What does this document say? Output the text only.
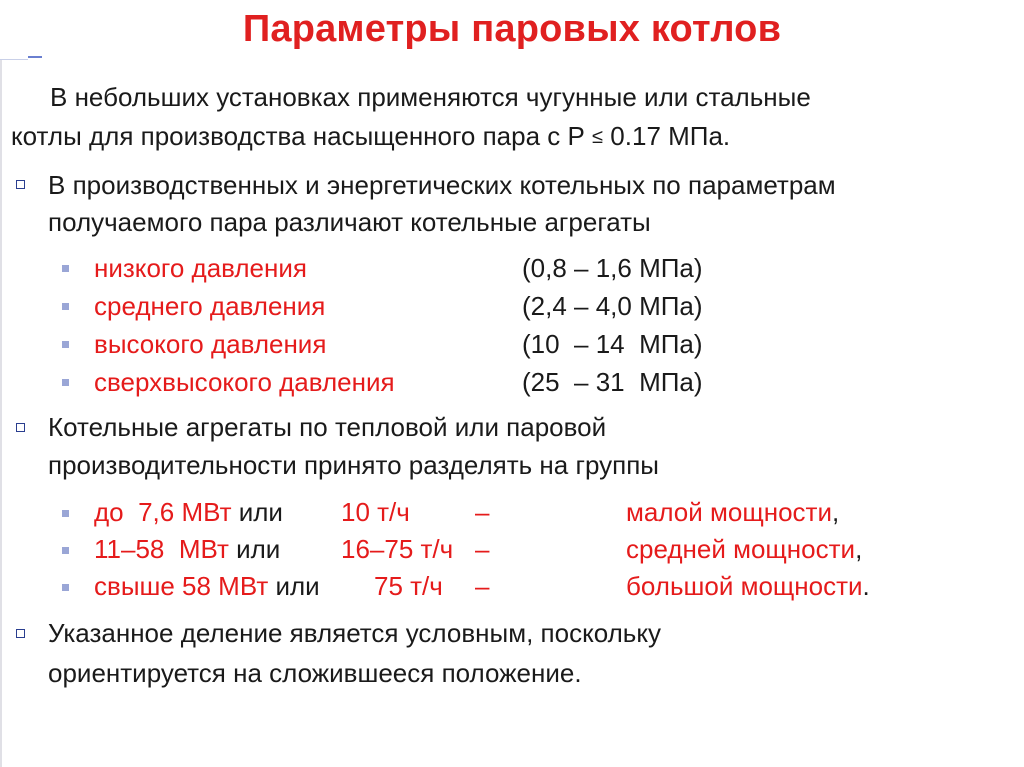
Параметры паровых котлов
В небольших установках применяются чугунные или стальные
котлы для производства насыщенного пара с Р ≤ 0.17 МПа.
В производственных и энергетических котельных по параметрам
получаемого пара различают котельные агрегаты
низкого давления	(0,8 – 1,6 МПа)
среднего давления	(2,4 – 4,0 МПа)
высокого давления	(10  – 14  МПа)
сверхвысокого давления	(25  – 31  МПа)
Котельные агрегаты по тепловой или паровой
производительности принято разделять на группы
до  7,6 МВт или 10 т/ч	–	малой мощности,
11–58  МВт или 16–75 т/ч –	средней мощности,
свыше 58 МВт или 75 т/ч –	большой мощности.
Указанное деление является условным, поскольку
ориентируется на сложившееся положение.
